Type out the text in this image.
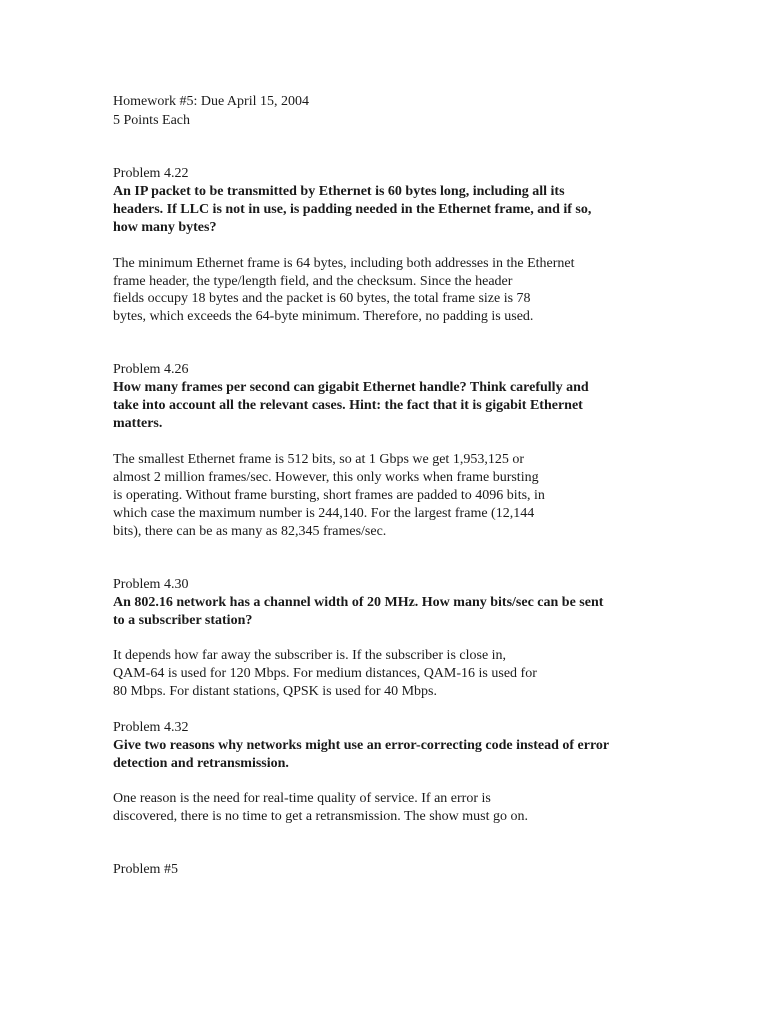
Homework #5: Due April 15, 2004

5 Points Each

Problem 4.22

An IP packet to be transmitted by Ethernet is 60 bytes long, including all its

headers. If LLC is not in use, is padding needed in the Ethernet frame, and if so,

how many bytes?

The minimum Ethernet frame is 64 bytes, including both addresses in the Ethernet

frame header, the type/length field, and the checksum. Since the header

fields occupy 18 bytes and the packet is 60 bytes, the total frame size is 78

bytes, which exceeds the 64-byte minimum. Therefore, no padding is used.

Problem 4.26

How many frames per second can gigabit Ethernet handle? Think carefully and

take into account all the relevant cases. Hint: the fact that it is gigabit Ethernet

matters.

The smallest Ethernet frame is 512 bits, so at 1 Gbps we get 1,953,125 or

almost 2 million frames/sec. However, this only works when frame bursting

is operating. Without frame bursting, short frames are padded to 4096 bits, in

which case the maximum number is 244,140. For the largest frame (12,144

bits), there can be as many as 82,345 frames/sec.

Problem 4.30

An 802.16 network has a channel width of 20 MHz. How many bits/sec can be sent

to a subscriber station?

It depends how far away the subscriber is. If the subscriber is close in,

QAM-64 is used for 120 Mbps. For medium distances, QAM-16 is used for

80 Mbps. For distant stations, QPSK is used for 40 Mbps.

Problem 4.32

Give two reasons why networks might use an error-correcting code instead of error

detection and retransmission.

One reason is the need for real-time quality of service. If an error is

discovered, there is no time to get a retransmission. The show must go on.

Problem #5
